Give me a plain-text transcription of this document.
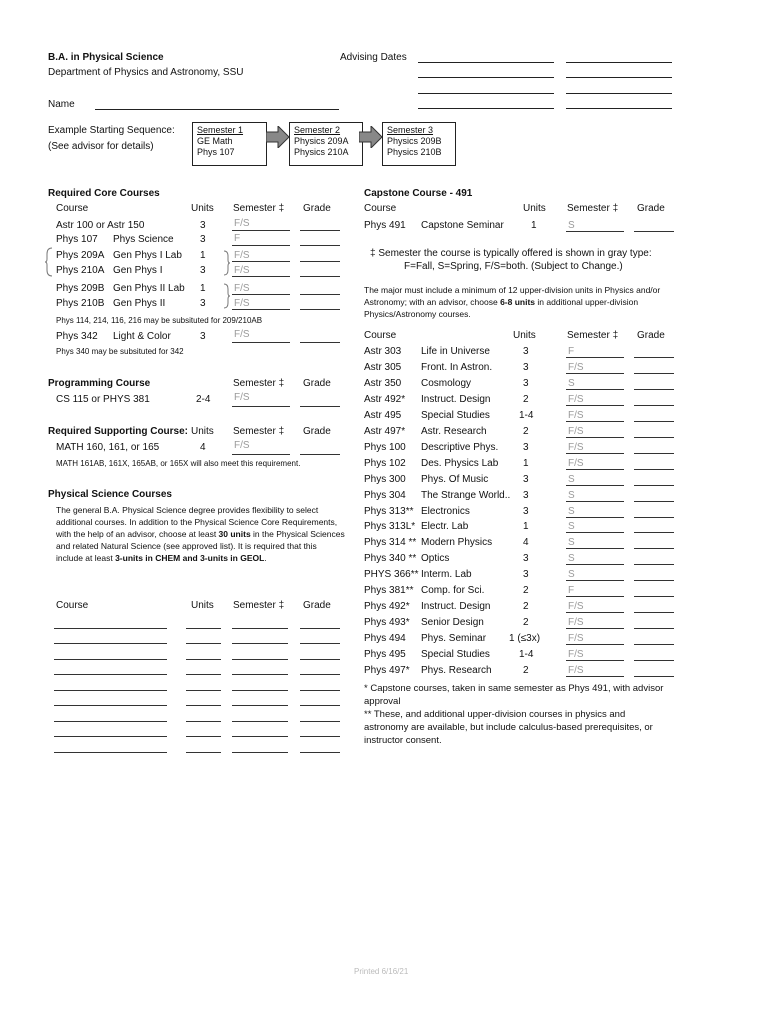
B.A. in Physical Science
Department of Physics and Astronomy, SSU
Advising Dates
Name
Example Starting Sequence:
(See advisor for details)
Semester 1
GE Math
Phys 107
Semester 2
Physics 209A
Physics 210A
Semester 3
Physics 209B
Physics 210B
Required Core Courses
Course	Units Semester ‡ Grade
Astr 100 or Astr 150	3	F/S
Phys 107 Phys Science	3	F
Phys 209A Gen Phys I Lab 1	F/S
Phys 210A Gen Phys I	3	F/S
Phys 209B Gen Phys II Lab 1	F/S
Phys 210B Gen Phys II	3	F/S
Phys 114, 214, 116, 216 may be subsituted for 209/210AB
Phys 342 Light & Color	3	F/S
Phys 340 may be subsituted for 342
Programming Course	Semester ‡ Grade
CS 115 or PHYS 381	2-4 F/S
Required Supporting Course: Units Semester ‡ Grade
MATH 160, 161, or 165	4	F/S
MATH 161AB, 161X, 165AB, or 165X will also meet this requirement.
Physical Science Courses
The general B.A. Physical Science degree provides flexibility to select additional courses. In addition to the Physical Science Core Requirements, with the help of an advisor, choose at least 30 units in the Physical Sciences and related Natural Science (see approved list). It is required that this include at least 3-units in CHEM and 3-units in GEOL.
Course	Units Semester ‡ Grade
Capstone Course - 491
Course	Units Semester ‡ Grade
Phys 491 Capstone Seminar	1	S
‡ Semester the course is typically offered is shown in gray type:
F=Fall, S=Spring, F/S=both. (Subject to Change.)
The major must include a minimum of 12 upper-division units in Physics and/or Astronomy; with an advisor, choose 6-8 units in additional upper-division Physics/Astronomy courses.
Course	Units	Semester ‡ Grade
Astr 303 Life in Universe	3	F
Astr 305 Front. In Astron.	3	F/S
Astr 350 Cosmology	3	S
Astr 492* Instruct. Design	2	F/S
Astr 495 Special Studies	1-4	F/S
Astr 497* Astr. Research	2	F/S
Phys 100 Descriptive Phys. 3	F/S
Phys 102 Des. Physics Lab 1	F/S
Phys 300 Phys. Of Music	3	S
Phys 304 The Strange World.. 3	S
Phys 313** Electronics	3	S
Phys 313L* Electr. Lab	1	S
Phys 314 ** Modern Physics	4	S
Phys 340 ** Optics	3	S
PHYS 366** Interm. Lab	3	S
Phys 381** Comp. for Sci.	2	F
Phys 492* Instruct. Design	2	F/S
Phys 493* Senior Design	2	F/S
Phys 494 Phys. Seminar 1 (≤3x)	F/S
Phys 495 Special Studies	1-4	F/S
Phys 497* Phys. Research	2	F/S
* Capstone courses, taken in same semester as Phys 491, with advisor approval
** These, and additional upper-division courses in physics and astronomy are available, but include calculus-based prerequisites, or instructor consent.
Printed 6/16/21
